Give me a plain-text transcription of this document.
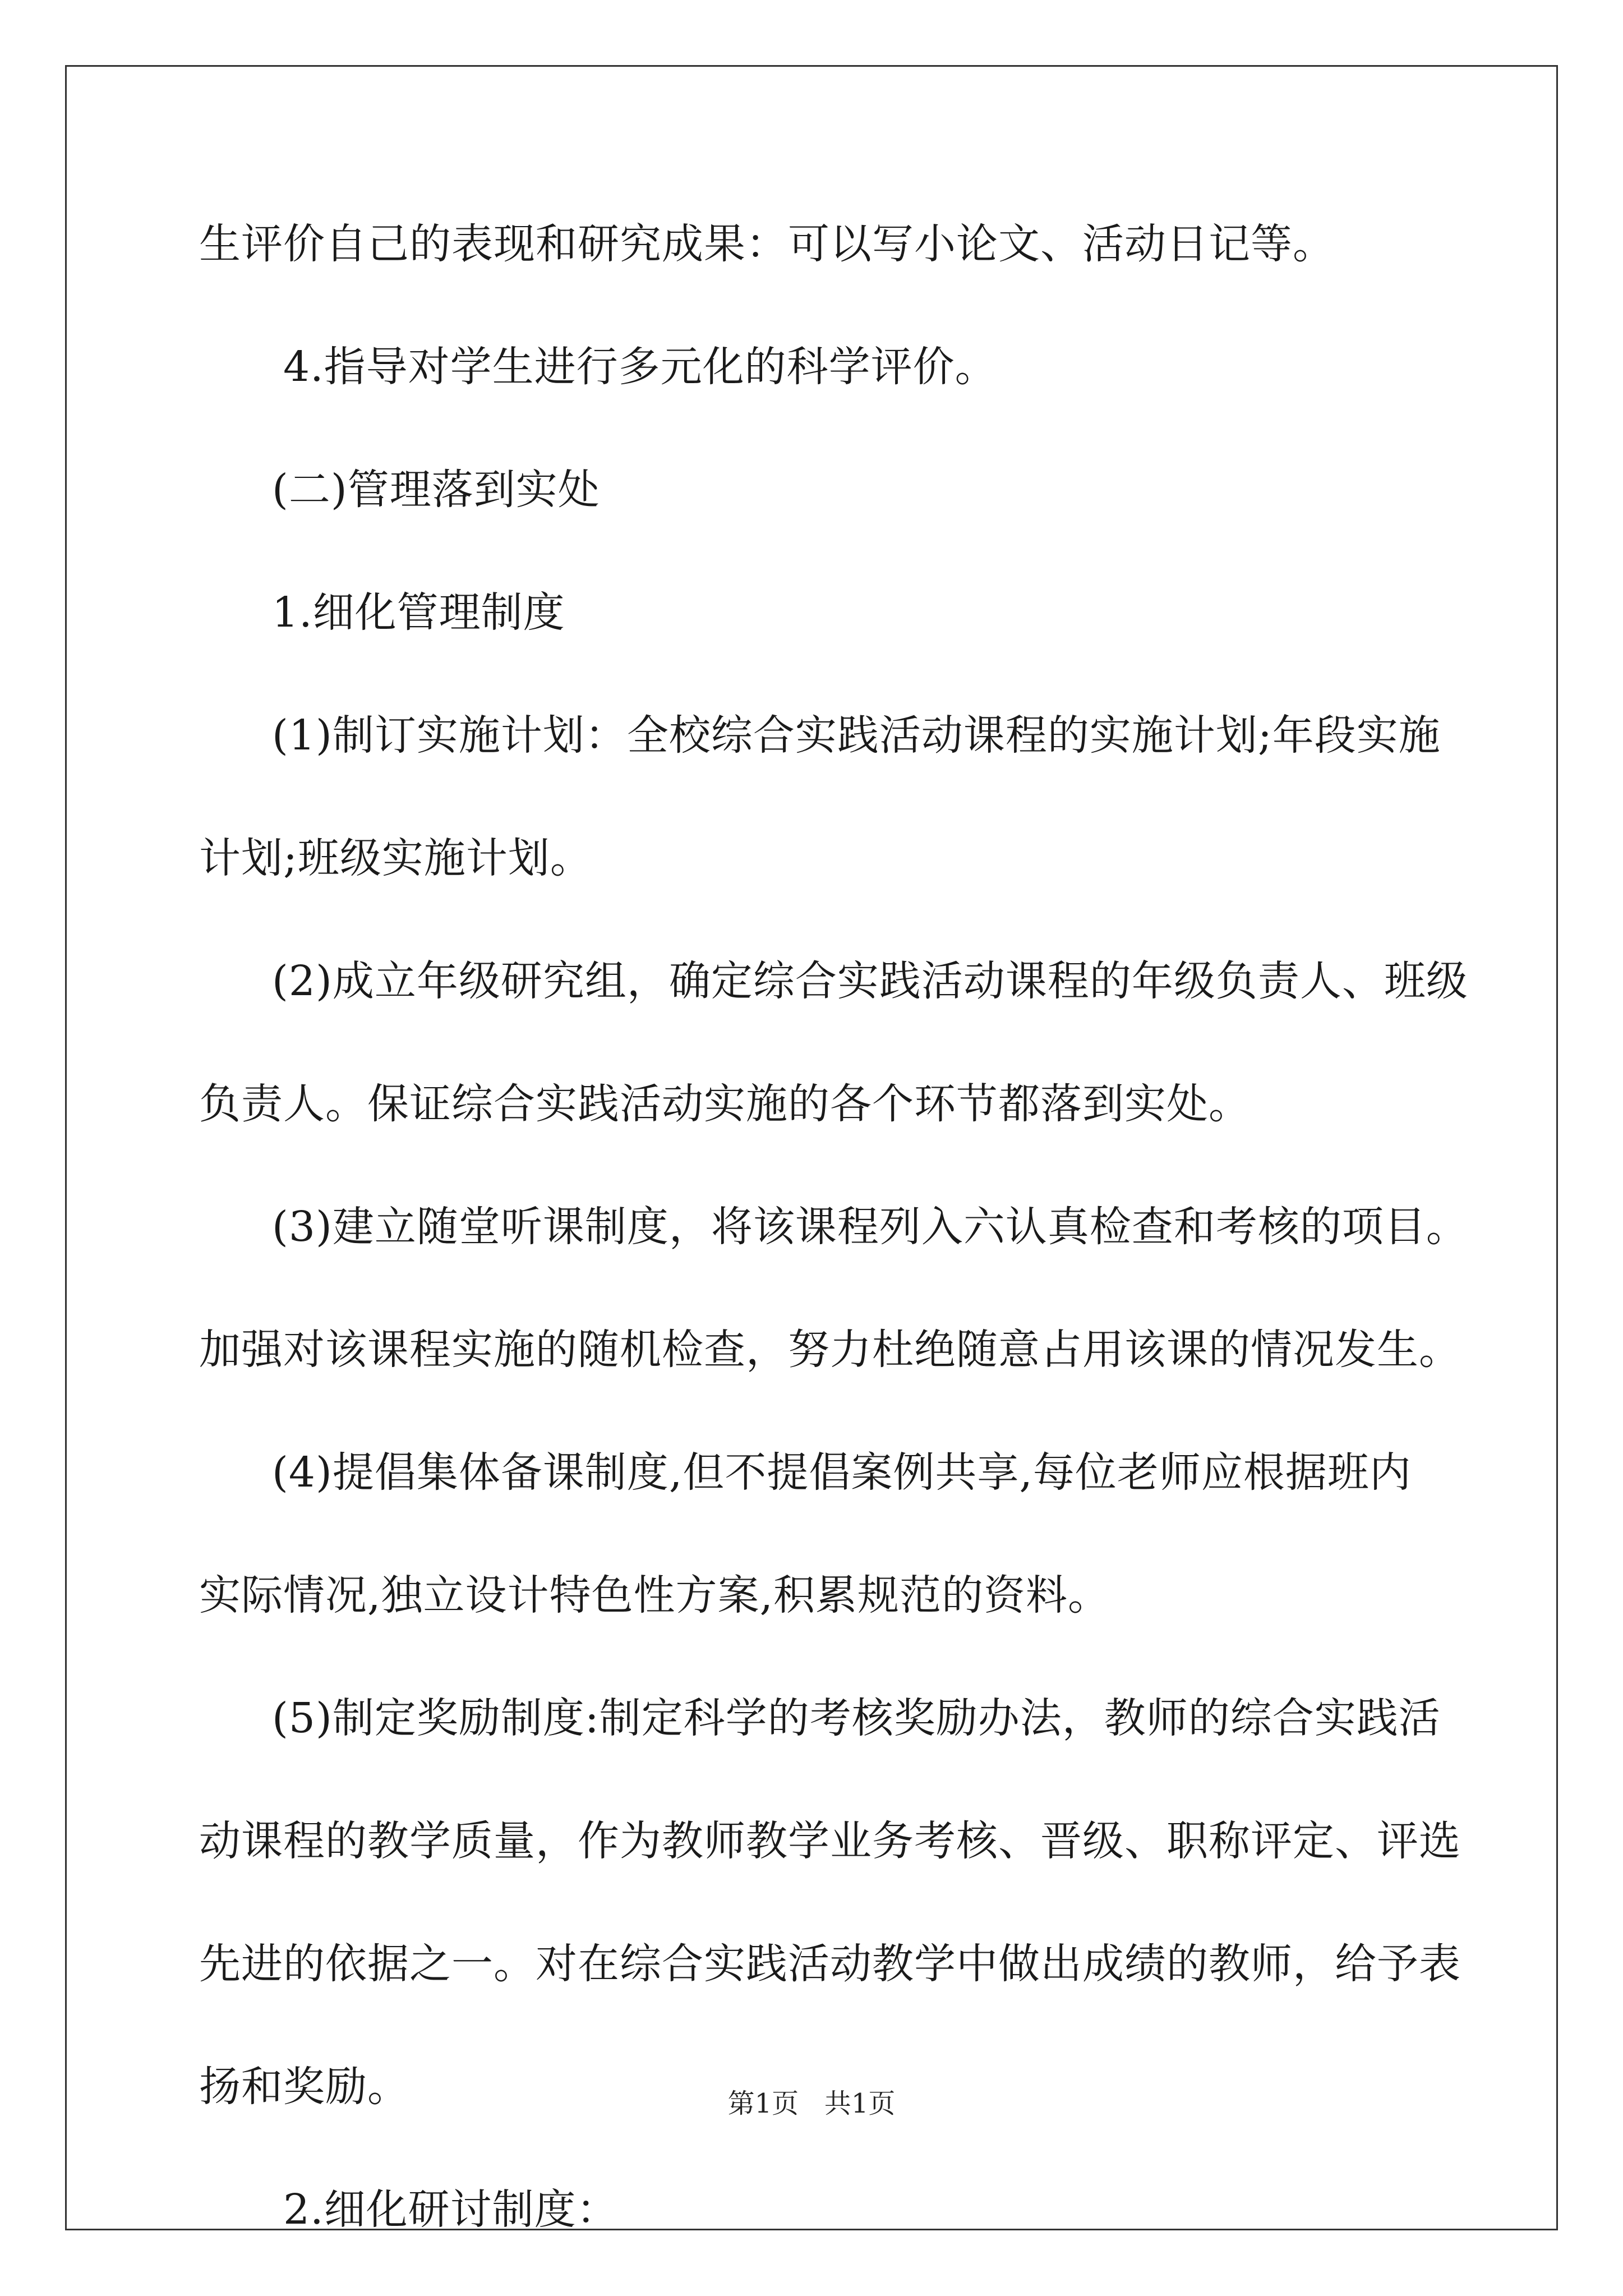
生评价自己的表现和研究成果：可以写小论文、活动日记等。
4.指导对学生进行多元化的科学评价。
(二)管理落到实处
1.细化管理制度
(1)制订实施计划：全校综合实践活动课程的实施计划;年段实施
计划;班级实施计划。
(2)成立年级研究组，确定综合实践活动课程的年级负责人、班级
负责人。保证综合实践活动实施的各个环节都落到实处。
(3)建立随堂听课制度，将该课程列入六认真检查和考核的项目。
加强对该课程实施的随机检查，努力杜绝随意占用该课的情况发生。
(4)提倡集体备课制度,但不提倡案例共享,每位老师应根据班内
实际情况,独立设计特色性方案,积累规范的资料。
(5)制定奖励制度:制定科学的考核奖励办法，教师的综合实践活
动课程的教学质量，作为教师教学业务考核、晋级、职称评定、评选
先进的依据之一。对在综合实践活动教学中做出成绩的教师，给予表
扬和奖励。
2.细化研讨制度：
第1页   共1页
